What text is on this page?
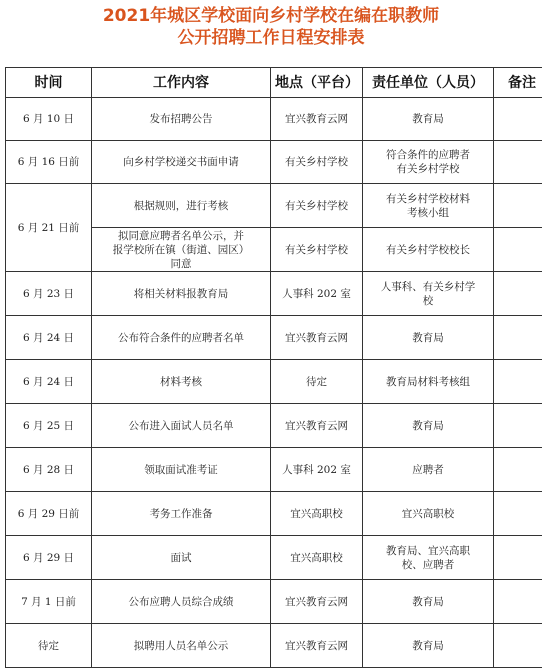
2021年城区学校面向乡村学校在编在职教师
公开招聘工作日程安排表
时间	工作内容	地点（平台）	责任单位（人员）	备注
6 月 10 日	发布招聘公告	宜兴教育云网	教育局	
6 月 16 日前	向乡村学校递交书面申请	有关乡村学校	符合条件的应聘者
有关乡村学校	
6 月 21 日前	根据规则，进行考核	有关乡村学校	有关乡村学校材料
考核小组	
	拟同意应聘者名单公示，并
报学校所在镇（街道、园区）
同意	有关乡村学校	有关乡村学校校长	
6 月 23 日	将相关材料报教育局	人事科 202 室	人事科、有关乡村学
校	
6 月 24 日	公布符合条件的应聘者名单	宜兴教育云网	教育局	
6 月 24 日	材料考核	待定	教育局材料考核组	
6 月 25 日	公布进入面试人员名单	宜兴教育云网	教育局	
6 月 28 日	领取面试准考证	人事科 202 室	应聘者	
6 月 29 日前	考务工作准备	宜兴高职校	宜兴高职校	
6 月 29 日	面试	宜兴高职校	教育局、宜兴高职
校、应聘者	
7 月 1 日前	公布应聘人员综合成绩	宜兴教育云网	教育局	
待定	拟聘用人员名单公示	宜兴教育云网	教育局	
